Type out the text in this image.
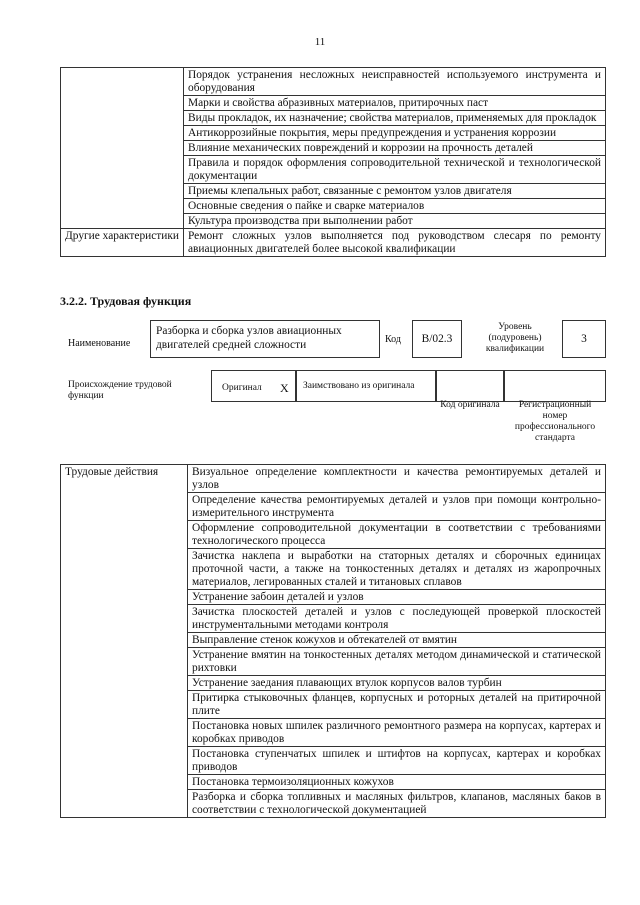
11
	Порядок устранения несложных неисправностей используемого инструмента и оборудования
	Марки и свойства абразивных материалов, притирочных паст
	Виды прокладок, их назначение; свойства материалов, применяемых для прокладок
	Антикоррозийные покрытия, меры предупреждения и устранения коррозии
	Влияние механических повреждений и коррозии на прочность деталей
	Правила и порядок оформления сопроводительной технической и технологической документации
	Приемы клепальных работ, связанные с ремонтом узлов двигателя
	Основные сведения о пайке и сварке материалов
	Культура производства при выполнении работ
Другие характеристики	Ремонт сложных узлов выполняется под руководством слесаря по ремонту авиационных двигателей более высокой квалификации
3.2.2. Трудовая функция
Наименование
Разборка и сборка узлов авиационных двигателей средней сложности	Код	B/02.3
Уровень (подуровень) квалификации
3
Происхождение трудовой функции
Оригинал X Заимствовано из оригинала
Код оригинала	Регистрационный номер профессионального стандарта
Трудовые действия	Визуальное определение комплектности и качества ремонтируемых деталей и узлов
Определение качества ремонтируемых деталей и узлов при помощи контрольно-измерительного инструмента
Оформление сопроводительной документации в соответствии с требованиями технологического процесса
Зачистка наклепа и выработки на статорных деталях и сборочных единицах проточной части, а также на тонкостенных деталях и деталях из жаропрочных материалов, легированных сталей и титановых сплавов
Устранение забоин деталей и узлов
Зачистка плоскостей деталей и узлов с последующей проверкой плоскостей инструментальными методами контроля
Выправление стенок кожухов и обтекателей от вмятин
Устранение вмятин на тонкостенных деталях методом динамической и статической рихтовки
Устранение заедания плавающих втулок корпусов валов турбин
Притирка стыковочных фланцев, корпусных и роторных деталей на притирочной плите
Постановка новых шпилек различного ремонтного размера на корпусах, картерах и коробках приводов
Постановка ступенчатых шпилек и штифтов на корпусах, картерах и коробках приводов
Постановка термоизоляционных кожухов
Разборка и сборка топливных и масляных фильтров, клапанов, масляных баков в соответствии с технологической документацией
